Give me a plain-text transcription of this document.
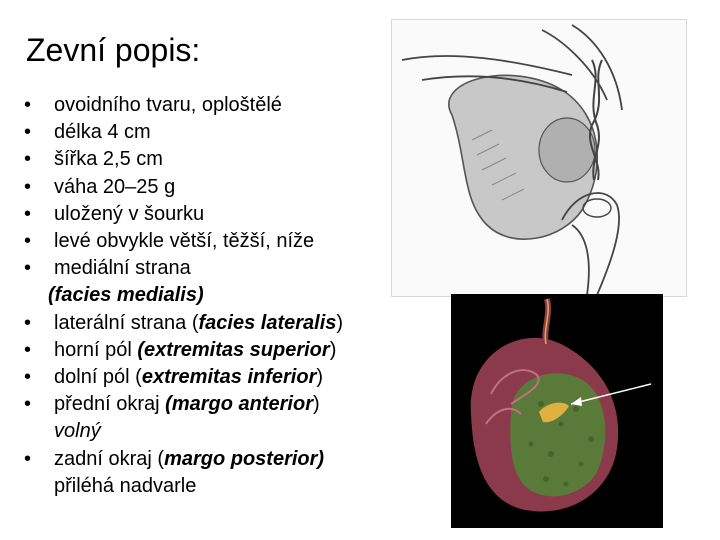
Zevní popis:
•	ovoidního tvaru, oploštělé
•	délka 4 cm
•	šířka 2,5 cm
•	váha 20–25 g
•	uložený v šourku
•	levé obvykle větší, těžší, níže
•	mediální strana
(facies medialis)
•	laterální strana (facies lateralis)
•	horní pól (extremitas superior)
•	dolní pól (extremitas inferior)
•	přední okraj (margo anterior)
volný
•	zadní okraj (margo posterior)
přiléhá nadvarle
